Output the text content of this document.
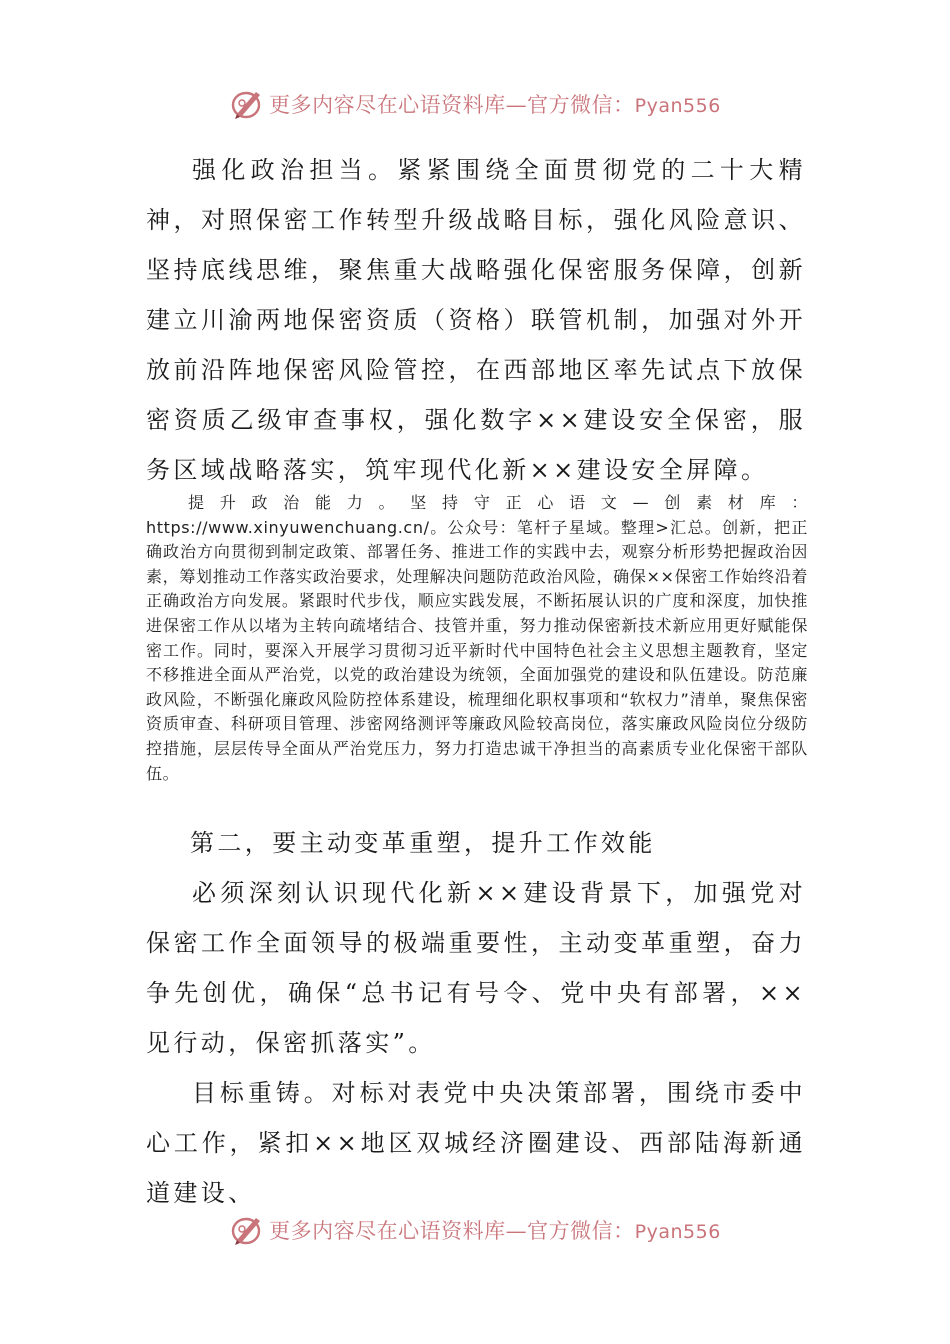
更多内容尽在心语资料库—官方微信：Pyan556

强化政治担当。紧紧围绕全面贯彻党的二十大精神，对照保密工作转型升级战略目标，强化风险意识、坚持底线思维，聚焦重大战略强化保密服务保障，创新建立川渝两地保密资质（资格）联管机制，加强对外开放前沿阵地保密风险管控，在西部地区率先试点下放保密资质乙级审查事权，强化数字××建设安全保密，服务区域战略落实，筑牢现代化新××建设安全屏障。

提升政治能力。坚持守正心语文—创素材库：https://www.xinyuwenchuang.cn/。公众号：笔杆子星域。整理>汇总。创新，把正确政治方向贯彻到制定政策、部署任务、推进工作的实践中去，观察分析形势把握政治因素，筹划推动工作落实政治要求，处理解决问题防范政治风险，确保××保密工作始终沿着正确政治方向发展。紧跟时代步伐，顺应实践发展，不断拓展认识的广度和深度，加快推进保密工作从以堵为主转向疏堵结合、技管并重，努力推动保密新技术新应用更好赋能保密工作。同时，要深入开展学习贯彻习近平新时代中国特色社会主义思想主题教育，坚定不移推进全面从严治党，以党的政治建设为统领，全面加强党的建设和队伍建设。防范廉政风险，不断强化廉政风险防控体系建设，梳理细化职权事项和“软权力”清单，聚焦保密资质审查、科研项目管理、涉密网络测评等廉政风险较高岗位，落实廉政风险岗位分级防控措施，层层传导全面从严治党压力，努力打造忠诚干净担当的高素质专业化保密干部队伍。

第二，要主动变革重塑，提升工作效能

必须深刻认识现代化新××建设背景下，加强党对保密工作全面领导的极端重要性，主动变革重塑，奋力争先创优，确保“总书记有号令、党中央有部署，××见行动，保密抓落实”。

目标重铸。对标对表党中央决策部署，围绕市委中心工作，紧扣××地区双城经济圈建设、西部陆海新通道建设、

更多内容尽在心语资料库—官方微信：Pyan556
